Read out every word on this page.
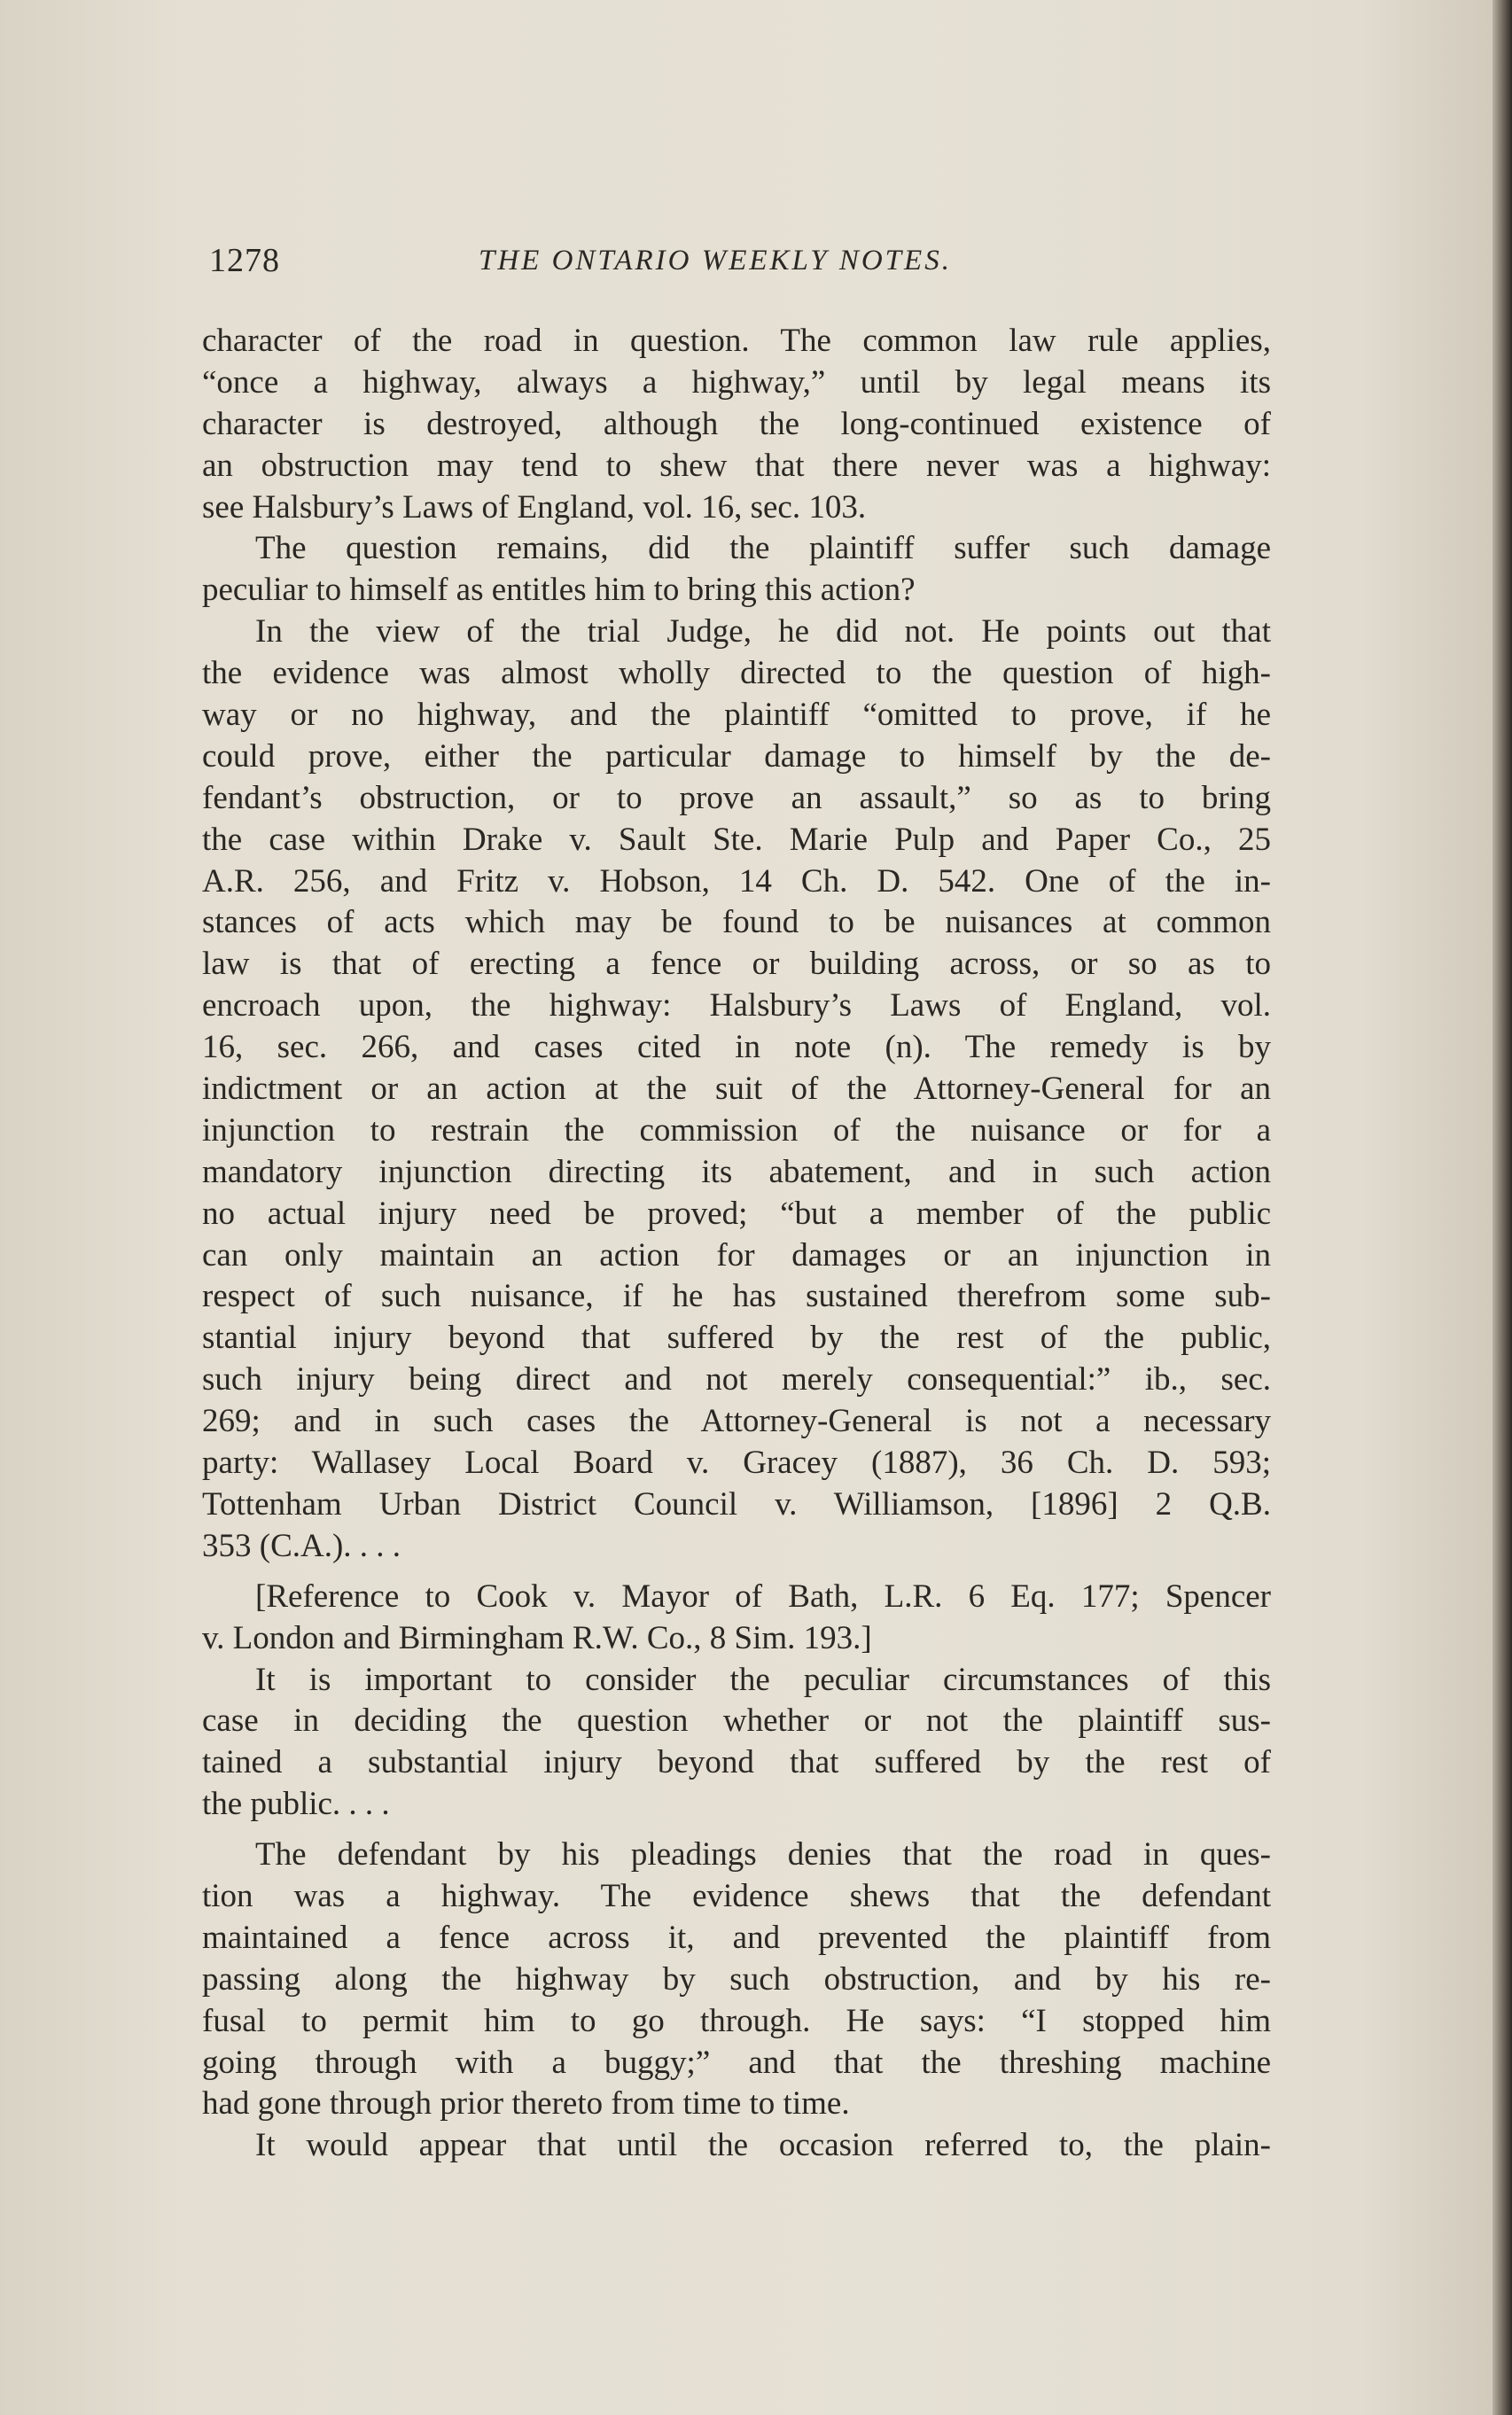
1278	THE ONTARIO WEEKLY NOTES.
character of the road in question. The common law rule applies,
“once a highway, always a highway,” until by legal means its
character is destroyed, although the long-continued existence of
an obstruction may tend to shew that there never was a highway:
see Halsbury’s Laws of England, vol. 16, sec. 103.
The question remains, did the plaintiff suffer such damage
peculiar to himself as entitles him to bring this action?
In the view of the trial Judge, he did not. He points out that
the evidence was almost wholly directed to the question of high-
way or no highway, and the plaintiff “omitted to prove, if he
could prove, either the particular damage to himself by the de-
fendant’s obstruction, or to prove an assault,” so as to bring
the case within Drake v. Sault Ste. Marie Pulp and Paper Co., 25
A.R. 256, and Fritz v. Hobson, 14 Ch. D. 542. One of the in-
stances of acts which may be found to be nuisances at common
law is that of erecting a fence or building across, or so as to
encroach upon, the highway: Halsbury’s Laws of England, vol.
16, sec. 266, and cases cited in note (n). The remedy is by
indictment or an action at the suit of the Attorney-General for an
injunction to restrain the commission of the nuisance or for a
mandatory injunction directing its abatement, and in such action
no actual injury need be proved; “but a member of the public
can only maintain an action for damages or an injunction in
respect of such nuisance, if he has sustained therefrom some sub-
stantial injury beyond that suffered by the rest of the public,
such injury being direct and not merely consequential:” ib., sec.
269; and in such cases the Attorney-General is not a necessary
party: Wallasey Local Board v. Gracey (1887), 36 Ch. D. 593;
Tottenham Urban District Council v. Williamson, [1896] 2 Q.B.
353 (C.A.). . . .
[Reference to Cook v. Mayor of Bath, L.R. 6 Eq. 177; Spencer
v. London and Birmingham R.W. Co., 8 Sim. 193.]
It is important to consider the peculiar circumstances of this
case in deciding the question whether or not the plaintiff sus-
tained a substantial injury beyond that suffered by the rest of
the public. . . .
The defendant by his pleadings denies that the road in ques-
tion was a highway. The evidence shews that the defendant
maintained a fence across it, and prevented the plaintiff from
passing along the highway by such obstruction, and by his re-
fusal to permit him to go through. He says: “I stopped him
going through with a buggy;” and that the threshing machine
had gone through prior thereto from time to time.
It would appear that until the occasion referred to, the plain-
